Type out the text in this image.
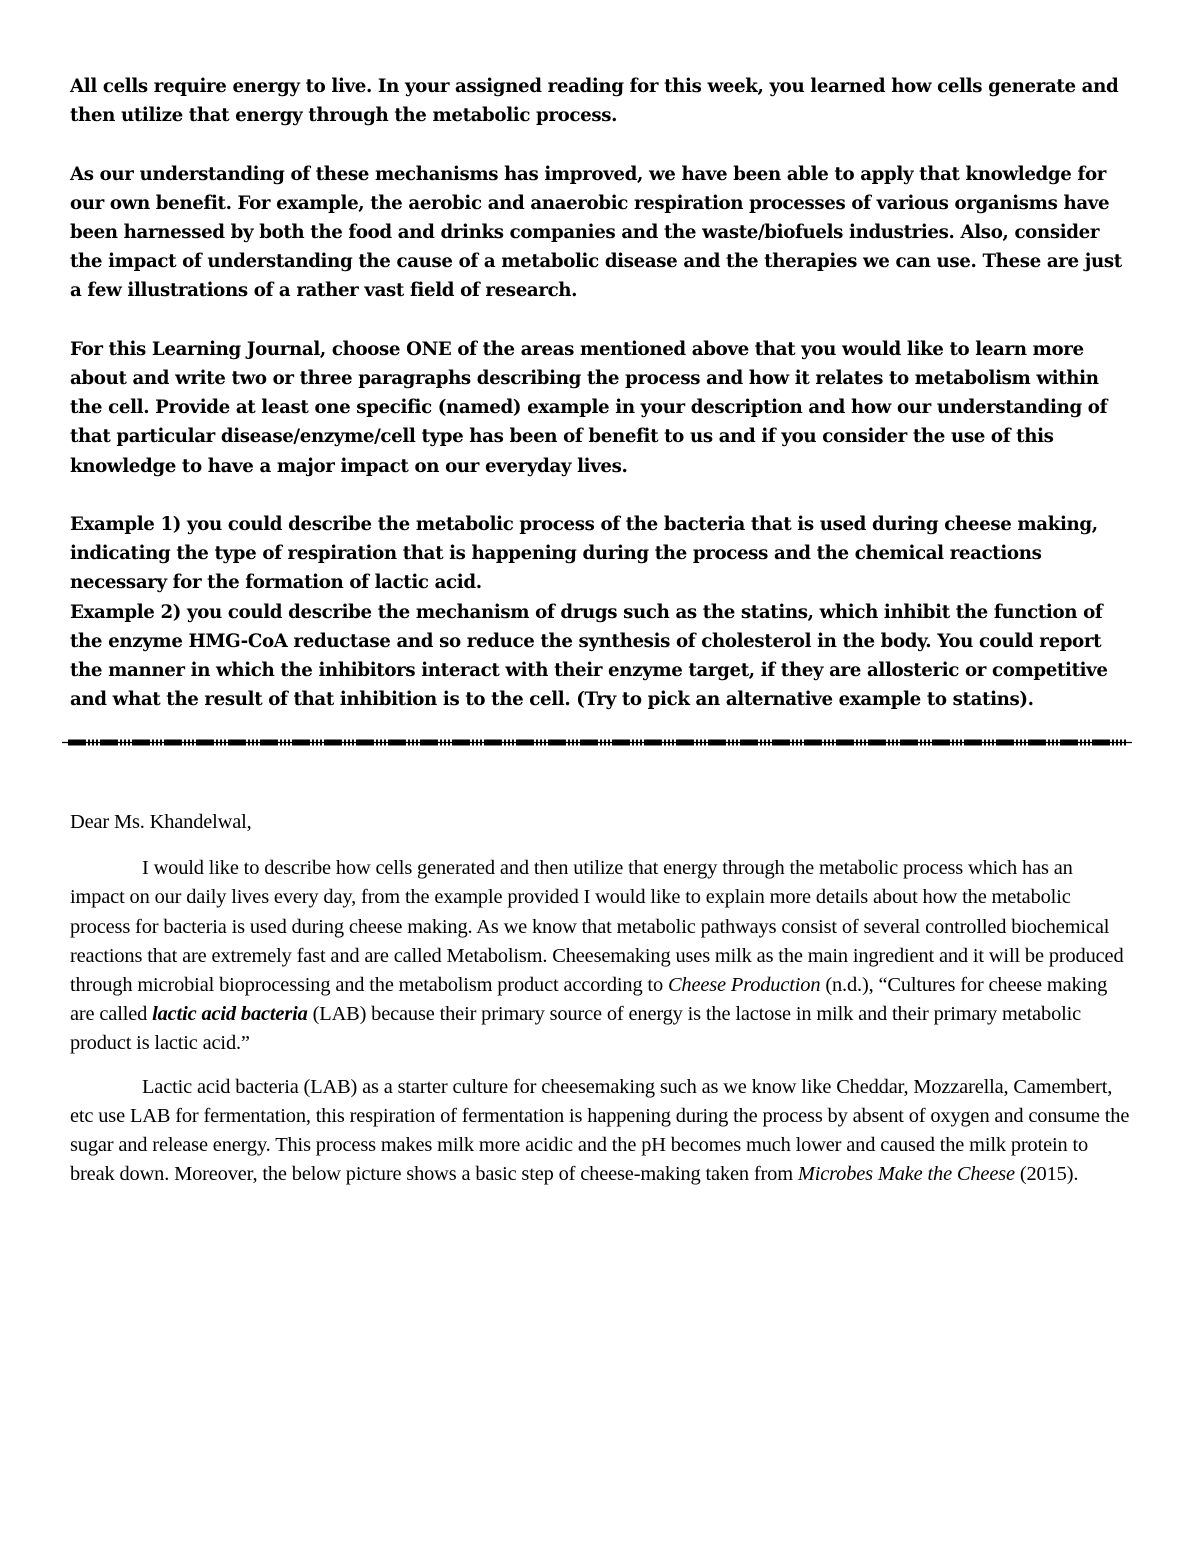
All cells require energy to live. In your assigned reading for this week, you learned how cells generate and then utilize that energy through the metabolic process.

As our understanding of these mechanisms has improved, we have been able to apply that knowledge for our own benefit. For example, the aerobic and anaerobic respiration processes of various organisms have been harnessed by both the food and drinks companies and the waste/biofuels industries. Also, consider the impact of understanding the cause of a metabolic disease and the therapies we can use. These are just a few illustrations of a rather vast field of research.

For this Learning Journal, choose ONE of the areas mentioned above that you would like to learn more about and write two or three paragraphs describing the process and how it relates to metabolism within the cell. Provide at least one specific (named) example in your description and how our understanding of that particular disease/enzyme/cell type has been of benefit to us and if you consider the use of this knowledge to have a major impact on our everyday lives.

Example 1) you could describe the metabolic process of the bacteria that is used during cheese making, indicating the type of respiration that is happening during the process and the chemical reactions necessary for the formation of lactic acid.

Example 2) you could describe the mechanism of drugs such as the statins, which inhibit the function of the enzyme HMG-CoA reductase and so reduce the synthesis of cholesterol in the body. You could report the manner in which the inhibitors interact with their enzyme target, if they are allosteric or competitive and what the result of that inhibition is to the cell. (Try to pick an alternative example to statins).

Dear Ms. Khandelwal,

I would like to describe how cells generated and then utilize that energy through the metabolic process which has an impact on our daily lives every day, from the example provided I would like to explain more details about how the metabolic process for bacteria is used during cheese making. As we know that metabolic pathways consist of several controlled biochemical reactions that are extremely fast and are called Metabolism. Cheesemaking uses milk as the main ingredient and it will be produced through microbial bioprocessing and the metabolism product according to Cheese Production (n.d.), “Cultures for cheese making are called lactic acid bacteria (LAB) because their primary source of energy is the lactose in milk and their primary metabolic product is lactic acid.”

Lactic acid bacteria (LAB) as a starter culture for cheesemaking such as we know like Cheddar, Mozzarella, Camembert, etc use LAB for fermentation, this respiration of fermentation is happening during the process by absent of oxygen and consume the sugar and release energy. This process makes milk more acidic and the pH becomes much lower and caused the milk protein to break down. Moreover, the below picture shows a basic step of cheese-making taken from Microbes Make the Cheese (2015).
